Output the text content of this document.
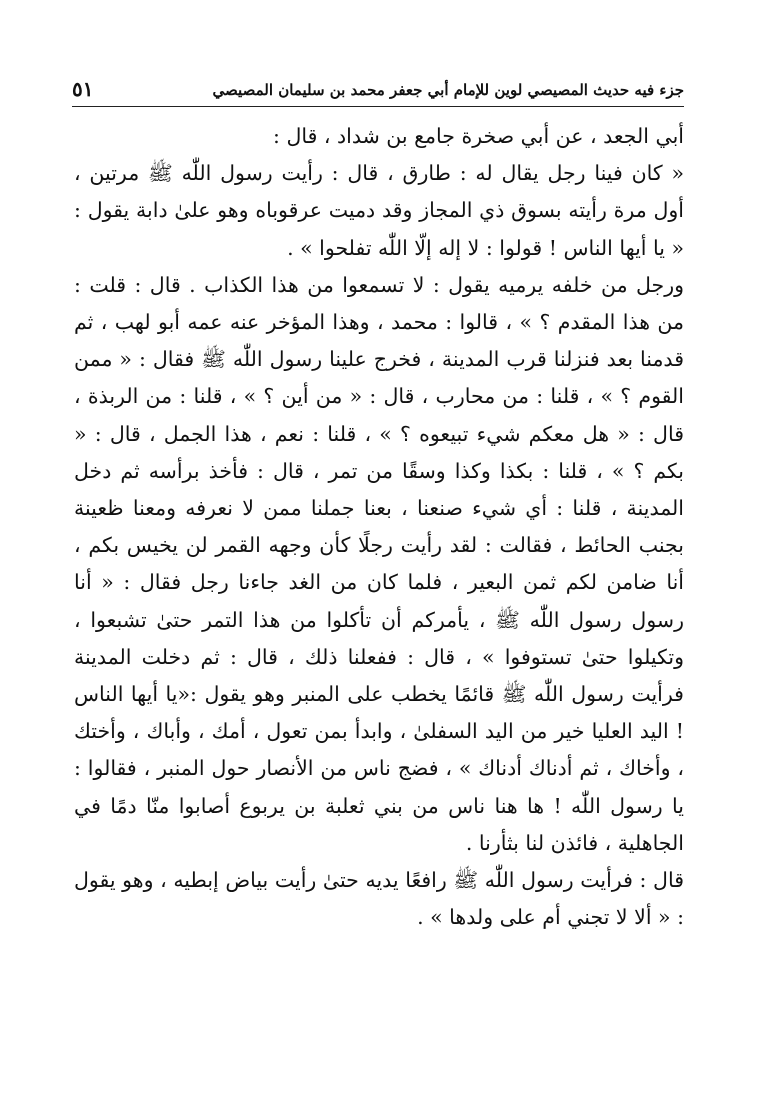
جزء فيه حديث المصيصي لوين للإمام أبي جعفر محمد بن سليمان المصيصي
٥١

أبي الجعد ، عن أبي صخرة جامع بن شداد ، قال :

« كان فينا رجل يقال له : طارق ، قال : رأيت رسول اللّٰه ﷺ مرتين ، أول مرة رأيته بسوق ذي المجاز وقد دميت عرقوباه وهو علىٰ دابة يقول : « يا أيها الناس ! قولوا : لا إله إلّا اللّٰه تفلحوا » .

ورجل من خلفه يرميه يقول : لا تسمعوا من هذا الكذاب . قال : قلت : من هذا المقدم ؟ » ، قالوا : محمد ، وهذا المؤخر عنه عمه أبو لهب ، ثم قدمنا بعد فنزلنا قرب المدينة ، فخرج علينا رسول اللّٰه ﷺ فقال : « ممن القوم ؟ » ، قلنا : من محارب ، قال : « من أين ؟ » ، قلنا : من الربذة ، قال : « هل معكم شيء تبيعوه ؟ » ، قلنا : نعم ، هذا الجمل ، قال : « بكم ؟ » ، قلنا : بكذا وكذا وسقًا من تمر ، قال : فأخذ برأسه ثم دخل المدينة ، قلنا : أي شيء صنعنا ، بعنا جملنا ممن لا نعرفه ومعنا ظعينة بجنب الحائط ، فقالت : لقد رأيت رجلًا كأن وجهه القمر لن يخيس بكم ، أنا ضامن لكم ثمن البعير ، فلما كان من الغد جاءنا رجل فقال : « أنا رسول رسول اللّٰه ﷺ ، يأمركم أن تأكلوا من هذا التمر حتىٰ تشبعوا ، وتكيلوا حتىٰ تستوفوا » ، قال : ففعلنا ذلك ، قال : ثم دخلت المدينة فرأيت رسول اللّٰه ﷺ قائمًا يخطب على المنبر وهو يقول :«يا أيها الناس ! اليد العليا خير من اليد السفلىٰ ، وابدأ بمن تعول ، أمك ، وأباك ، وأختك ، وأخاك ، ثم أدناك أدناك » ، فضج ناس من الأنصار حول المنبر ، فقالوا : يا رسول اللّٰه ! ها هنا ناس من بني ثعلبة بن يربوع أصابوا منّا دمًا في الجاهلية ، فائذن لنا بثأرنا .

قال : فرأيت رسول اللّٰه ﷺ رافعًا يديه حتىٰ رأيت بياض إبطيه ، وهو يقول : « ألا لا تجني أم على ولدها » .
